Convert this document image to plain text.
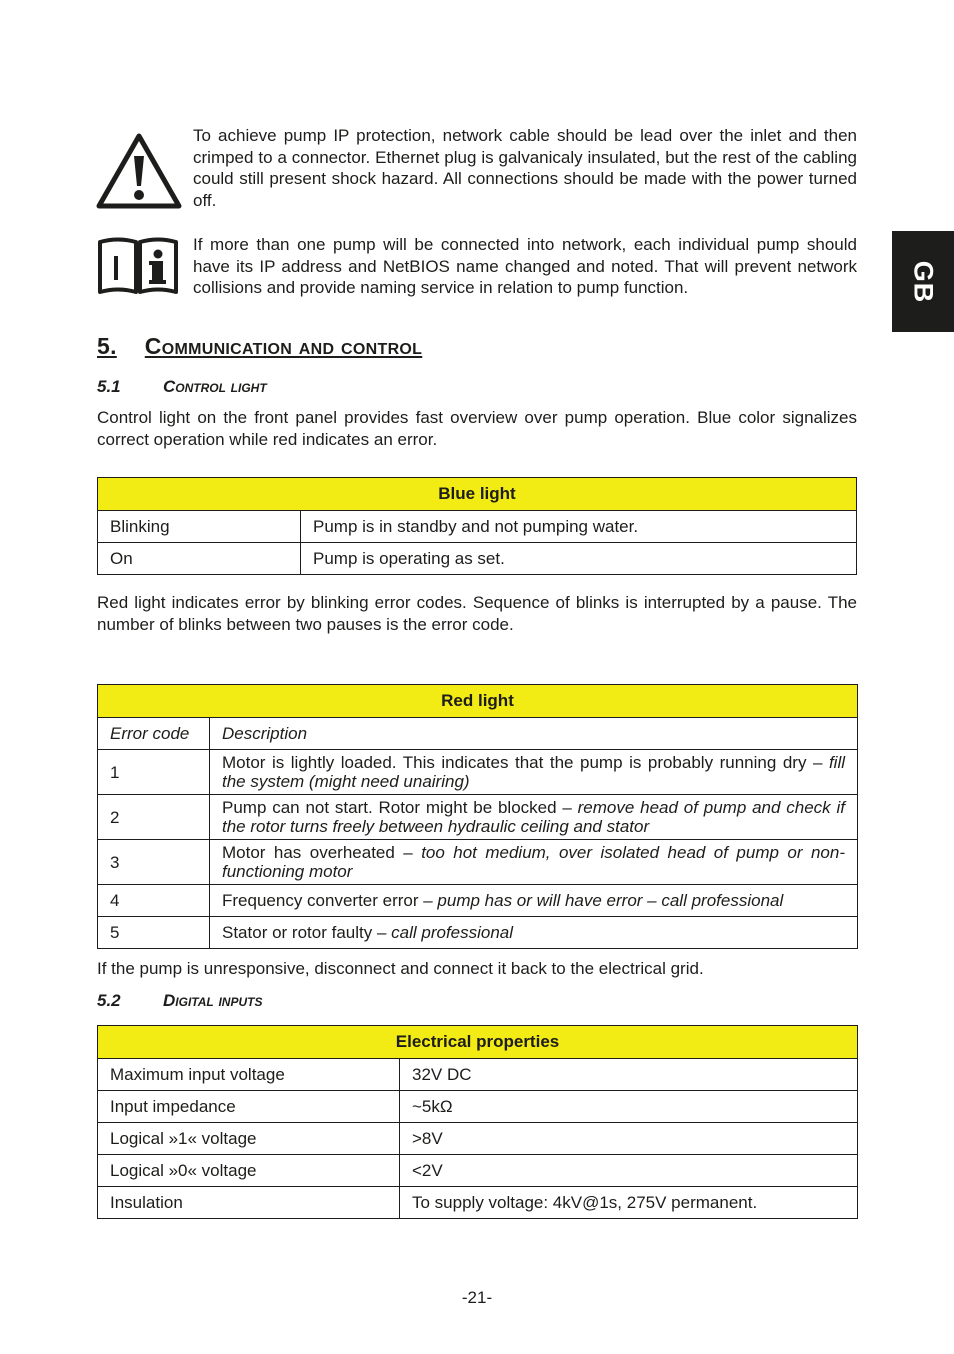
GB
To achieve pump IP protection, network cable should be lead over the inlet and then crimped to a connector. Ethernet plug is galvanicaly insulated, but the rest of the cabling could still present shock hazard. All connections should be made with the power turned off.
If more than one pump will be connected into network, each individual pump should have its IP address and NetBIOS name changed and noted. That will prevent network collisions and provide naming service in relation to pump function.
5. Communication and control
5.1 Control light

Control light on the front panel provides fast overview over pump operation. Blue color signalizes correct operation while red indicates an error.

Blue light	
Blinking	Pump is in standby and not pumping water.
On	Pump is operating as set.

Red light indicates error by blinking error codes. Sequence of blinks is interrupted by a pause. The number of blinks between two pauses is the error code.

Red light	
Error code	Description
1	Motor is lightly loaded. This indicates that the pump is probably running dry – fill the system (might need unairing)
2	Pump can not start. Rotor might be blocked – remove head of pump and check if the rotor turns freely between hydraulic ceiling and stator
3	Motor has overheated – too hot medium, over isolated head of pump or non-functioning motor
4	Frequency converter error – pump has or will have error – call professional
5	Stator or rotor faulty – call professional

If the pump is unresponsive, disconnect and connect it back to the electrical grid.

5.2 Digital inputs
Electrical properties	
Maximum input voltage	32V DC
Input impedance	~5kΩ
Logical »1« voltage	>8V
Logical »0« voltage	<2V
Insulation	To supply voltage: 4kV@1s, 275V permanent.
-21-
